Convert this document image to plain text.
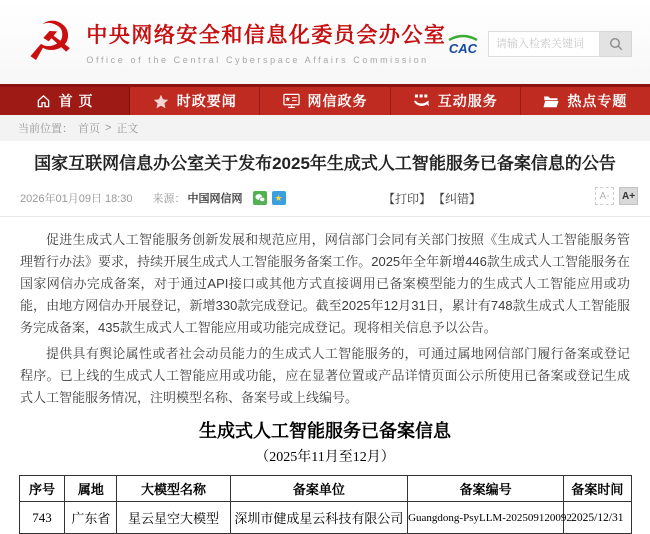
☭ 中央网络安全和信息化委员会办公室
Office of the Central Cyberspace Affairs Commission
CAC
请输入检索关键词
首 页	时政要闻	网信政务	互动服务	热点专题
当前位置： 首页 > 正文
国家互联网信息办公室关于发布2025年生成式人工智能服务已备案信息的公告
2026年01月09日 18:30 来源： 中国网信网	★	【打印】 【纠错】	A-	A+

促进生成式人工智能服务创新发展和规范应用，网信部门会同有关部门按照《生成式人工智能服务管理暂行办法》要求，持续开展生成式人工智能服务备案工作。2025年全年新增446款生成式人工智能服务在国家网信办完成备案，对于通过API接口或其他方式直接调用已备案模型能力的生成式人工智能应用或功能，由地方网信办开展登记，新增330款完成登记。截至2025年12月31日，累计有748款生成式人工智能服务完成备案，435款生成式人工智能应用或功能完成登记。现将相关信息予以公告。

提供具有舆论属性或者社会动员能力的生成式人工智能服务的，可通过属地网信部门履行备案或登记程序。已上线的生成式人工智能应用或功能，应在显著位置或产品详情页面公示所使用已备案或登记生成式人工智能服务情况，注明模型名称、备案号或上线编号。

生成式人工智能服务已备案信息
（2025年11月至12月）
序号	属地	大模型名称	备案单位	备案编号	备案时间
743	广东省	星云星空大模型	深圳市健成星云科技有限公司	Guangdong-PsyLLM-202509120092	2025/12/31
